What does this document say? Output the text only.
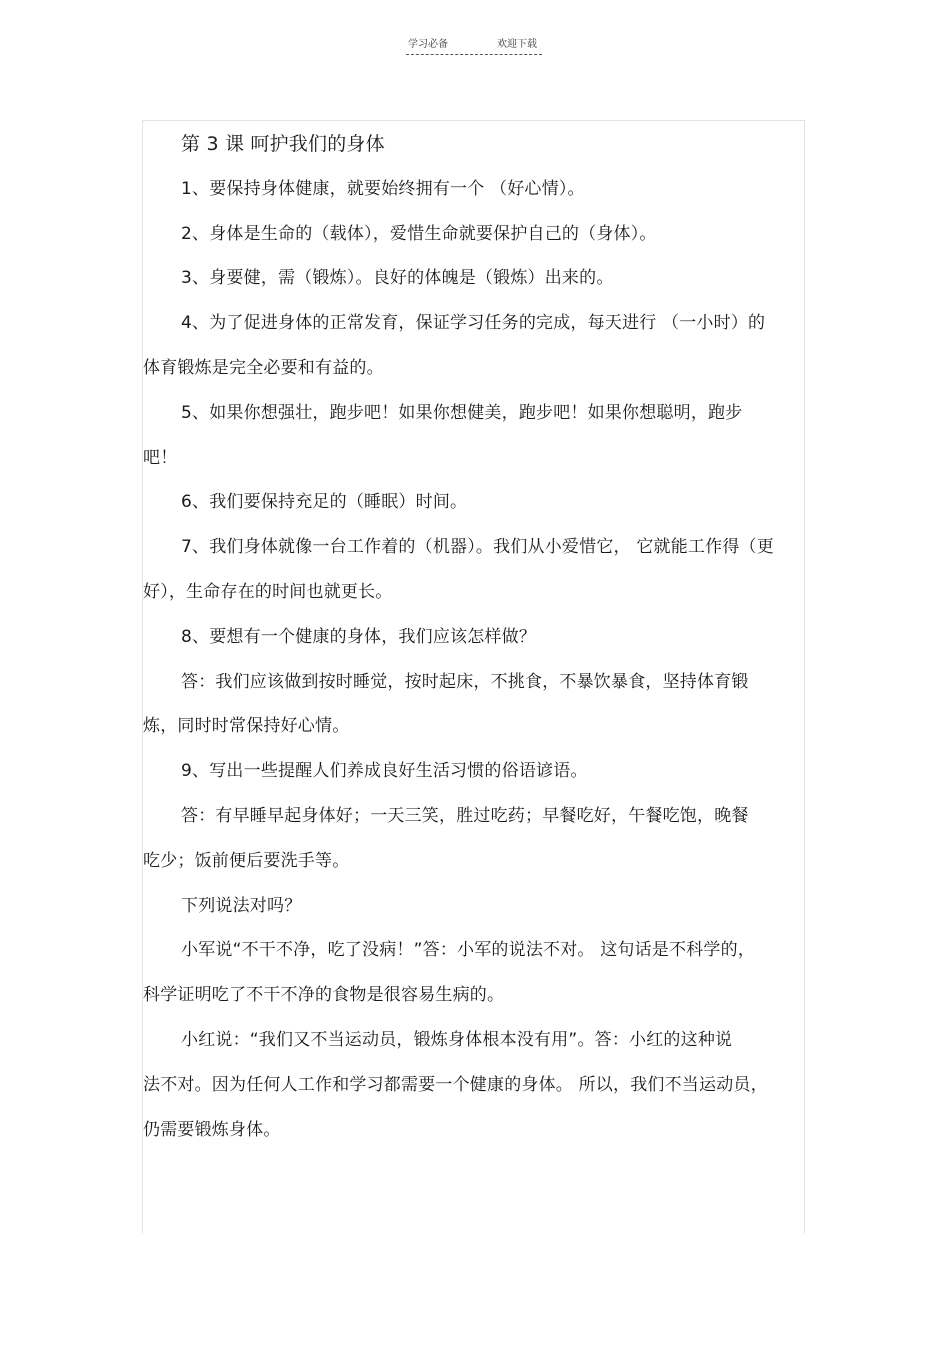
学习必备	欢迎下载
第 3 课 呵护我们的身体
1、要保持身体健康，就要始终拥有一个 （好心情）。
2、身体是生命的（载体），爱惜生命就要保护自己的（身体）。
3、身要健，需（锻炼）。良好的体魄是（锻炼）出来的。
4、为了促进身体的正常发育，保证学习任务的完成，每天进行 （一小时）的
体育锻炼是完全必要和有益的。
5、如果你想强壮，跑步吧！如果你想健美，跑步吧！如果你想聪明，跑步
吧！
6、我们要保持充足的（睡眠）时间。
7、我们身体就像一台工作着的（机器）。我们从小爱惜它， 它就能工作得（更
好），生命存在的时间也就更长。
8、要想有一个健康的身体，我们应该怎样做？
答：我们应该做到按时睡觉，按时起床，不挑食，不暴饮暴食，坚持体育锻
炼，同时时常保持好心情。
9、写出一些提醒人们养成良好生活习惯的俗语谚语。
答：有早睡早起身体好；一天三笑，胜过吃药；早餐吃好，午餐吃饱，晚餐
吃少；饭前便后要洗手等。
下列说法对吗？
小军说“不干不净，吃了没病！”答：小军的说法不对。 这句话是不科学的，
科学证明吃了不干不净的食物是很容易生病的。
小红说：“我们又不当运动员，锻炼身体根本没有用”。答：小红的这种说
法不对。因为任何人工作和学习都需要一个健康的身体。 所以，我们不当运动员，
仍需要锻炼身体。
